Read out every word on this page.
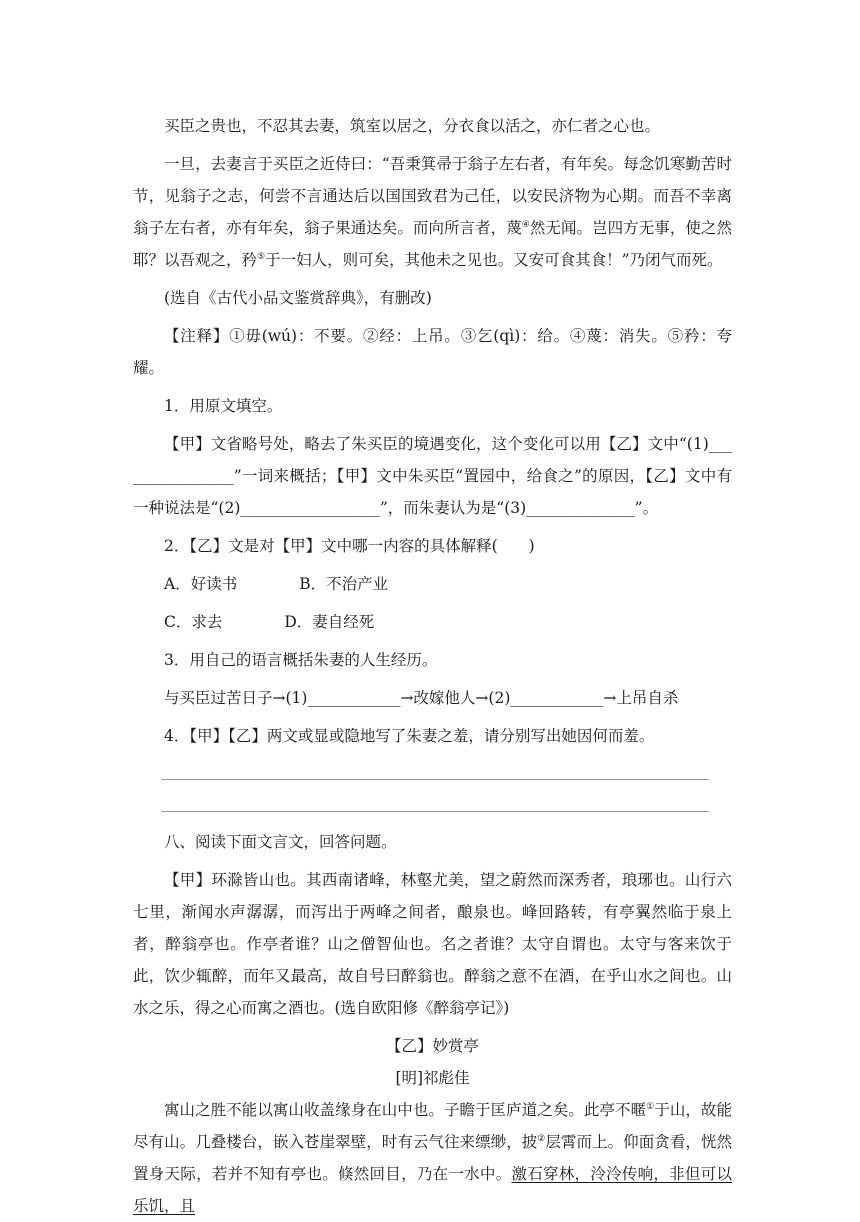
买臣之贵也，不忍其去妻，筑室以居之，分衣食以活之，亦仁者之心也。

一旦，去妻言于买臣之近侍曰：“吾秉箕帚于翁子左右者，有年矣。每念饥寒勤苦时节，见翁子之志，何尝不言通达后以国国致君为己任，以安民济物为心期。而吾不幸离翁子左右者，亦有年矣，翁子果通达矣。而向所言者，蔑④然无闻。岂四方无事，使之然耶？以吾观之，矜⑤于一妇人，则可矣，其他未之见也。又安可食其食！”乃闭气而死。

(选自《古代小品文鉴赏辞典》，有删改)

【注释】①毋(wú)：不要。②经：上吊。③乞(qì)：给。④蔑：消失。⑤矜：夸耀。

1．用原文填空。

【甲】文省略号处，略去了朱买臣的境遇变化，这个变化可以用【乙】文中“(1)________________”一词来概括；【甲】文中朱买臣“置园中，给食之”的原因，【乙】文中有一种说法是“(2)__________________”，而朱妻认为是“(3)______________”。

2．【乙】文是对【甲】文中哪一内容的具体解释(　　)

A．好读书　　　　B．不治产业

C．求去　　　　D．妻自经死

3．用自己的语言概括朱妻的人生经历。

与买臣过苦日子→(1)____________→改嫁他人→(2)____________→上吊自杀

4．【甲】【乙】两文或显或隐地写了朱妻之羞，请分别写出她因何而羞。

八、阅读下面文言文，回答问题。

【甲】环滁皆山也。其西南诸峰，林壑尤美，望之蔚然而深秀者，琅琊也。山行六七里，渐闻水声潺潺，而泻出于两峰之间者，酿泉也。峰回路转，有亭翼然临于泉上者，醉翁亭也。作亭者谁？山之僧智仙也。名之者谁？太守自谓也。太守与客来饮于此，饮少辄醉，而年又最高，故自号曰醉翁也。醉翁之意不在酒，在乎山水之间也。山水之乐，得之心而寓之酒也。(选自欧阳修《醉翁亭记》)

【乙】妙赏亭

[明]祁彪佳

寓山之胜不能以寓山收盖缘身在山中也。子瞻于匡庐道之矣。此亭不暱①于山，故能尽有山。几叠楼台，嵌入苍崖翠壁，时有云气往来缥缈，披②层霄而上。仰面贪看，恍然置身天际，若并不知有亭也。倏然回目，乃在一水中。激石穿林，泠泠传响，非但可以乐饥，且
